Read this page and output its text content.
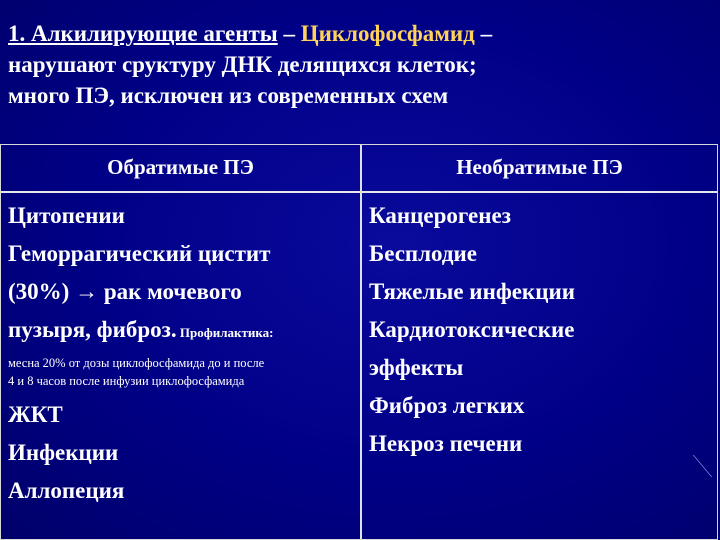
1. Алкилирующие агенты – Циклофосфамид –
нарушают сруктуру ДНК делящихся клеток;
много ПЭ, исключен из современных схем
Обратимые ПЭ	Необратимые ПЭ
Цитопении
Геморрагический цистит
(30%) → рак мочевого
пузыря, фиброз. Профилактика:
месна 20% от дозы циклофосфамида до и после
4 и 8 часов после инфузии циклофосфамида
ЖКТ
Инфекции
Аллопеция
Канцерогенез
Бесплодие
Тяжелые инфекции
Кардиотоксические
эффекты
Фиброз легких
Некроз печени
